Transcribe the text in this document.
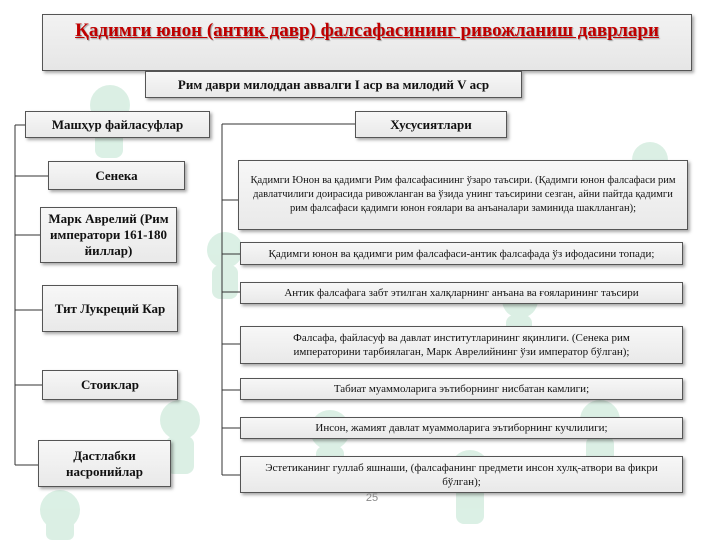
Қадимги юнон (антик давр) фалсафасининг ривожланиш даврлари
Рим даври милоддан аввалги I аср ва милодий V аср
Машҳур файласуфлар
Сенека
Марк Аврелий (Рим императори 161-180 йиллар)
Тит Лукреций Кар
Стоиклар
Дастлабки насронийлар
Хусусиятлари
Қадимги Юнон ва қадимги Рим фалсафасининг ўзаро таъсири. (Қадимги юнон фалсафаси рим давлатчилиги доирасида ривожланган ва ўзида унинг таъсирини сезган, айни пайтда қадимги рим фалсафаси қадимги юнон ғоялари ва анъаналари заминида шаклланган);
Қадимги юнон ва қадимги рим фалсафаси-антик фалсафада ўз ифодасини топади;
Антик фалсафага забт этилган халқларнинг анъана ва ғояларининг таъсири
Фалсафа, файласуф ва давлат институтларининг яқинлиги. (Сенека рим императорини тарбиялаган, Марк Аврелийнинг ўзи император бўлган);
Табиат муаммоларига эътиборнинг нисбатан камлиги;
Инсон, жамият давлат муаммоларига эътиборнинг кучлилиги;
Эстетиканинг гуллаб яшнаши, (фалсафанинг предмети инсон хулқ-атвори ва фикри бўлган);
25
